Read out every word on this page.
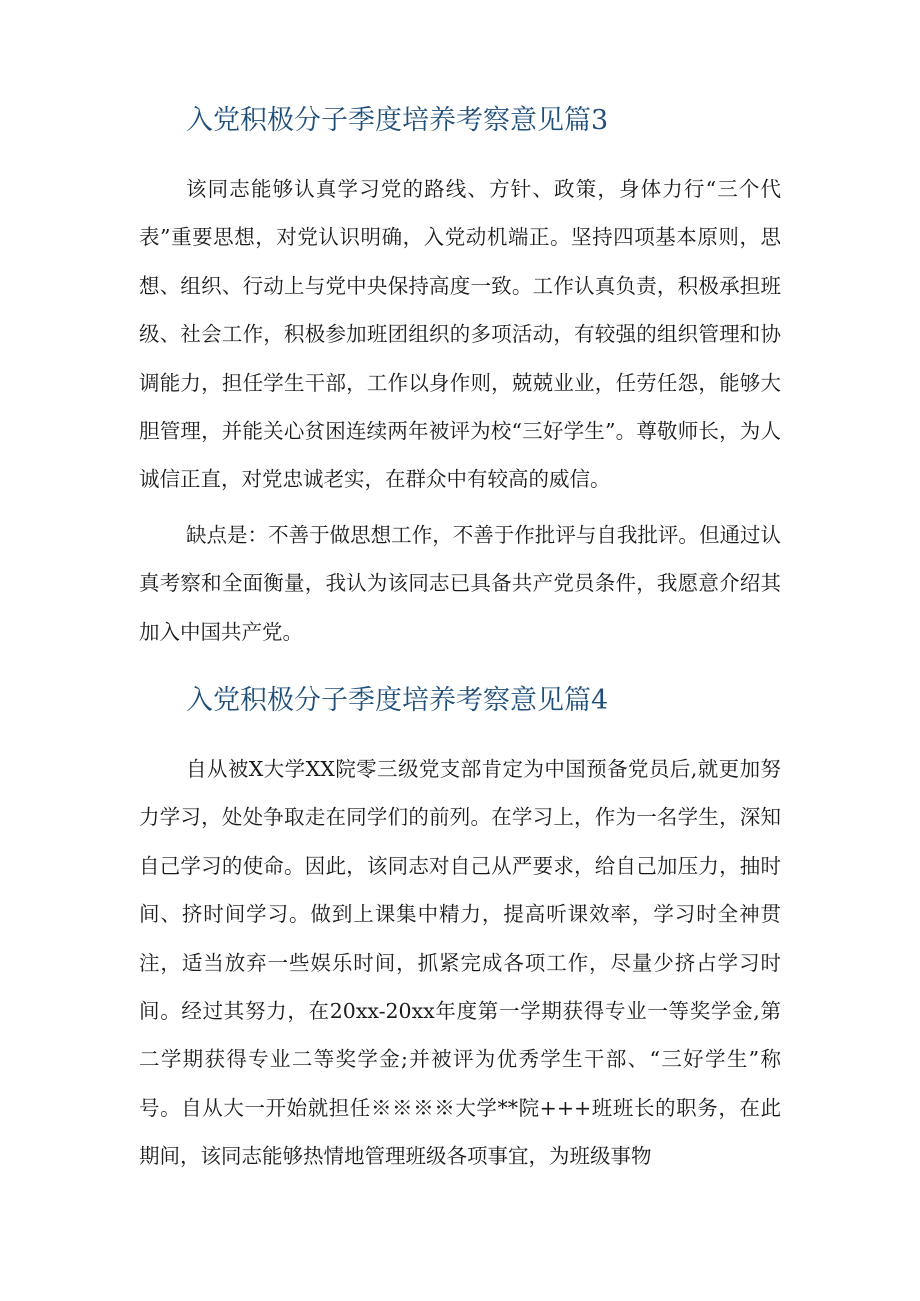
入党积极分子季度培养考察意见篇3

该同志能够认真学习党的路线、方针、政策，身体力行“三个代表”重要思想，对党认识明确，入党动机端正。坚持四项基本原则，思想、组织、行动上与党中央保持高度一致。工作认真负责，积极承担班级、社会工作，积极参加班团组织的多项活动，有较强的组织管理和协调能力，担任学生干部，工作以身作则，兢兢业业，任劳任怨，能够大胆管理，并能关心贫困连续两年被评为校“三好学生”。尊敬师长，为人诚信正直，对党忠诚老实，在群众中有较高的威信。

缺点是：不善于做思想工作，不善于作批评与自我批评。但通过认真考察和全面衡量，我认为该同志已具备共产党员条件，我愿意介绍其加入中国共产党。

入党积极分子季度培养考察意见篇4

自从被X大学XX院零三级党支部肯定为中国预备党员后,就更加努力学习，处处争取走在同学们的前列。在学习上，作为一名学生，深知自己学习的使命。因此，该同志对自己从严要求，给自己加压力，抽时间、挤时间学习。做到上课集中精力，提高听课效率，学习时全神贯注，适当放弃一些娱乐时间，抓紧完成各项工作，尽量少挤占学习时间。经过其努力，在20xx-20xx年度第一学期获得专业一等奖学金,第二学期获得专业二等奖学金;并被评为优秀学生干部、“三好学生”称号。自从大一开始就担任※※※※大学**院+++班班长的职务，在此期间，该同志能够热情地管理班级各项事宜，为班级事物
